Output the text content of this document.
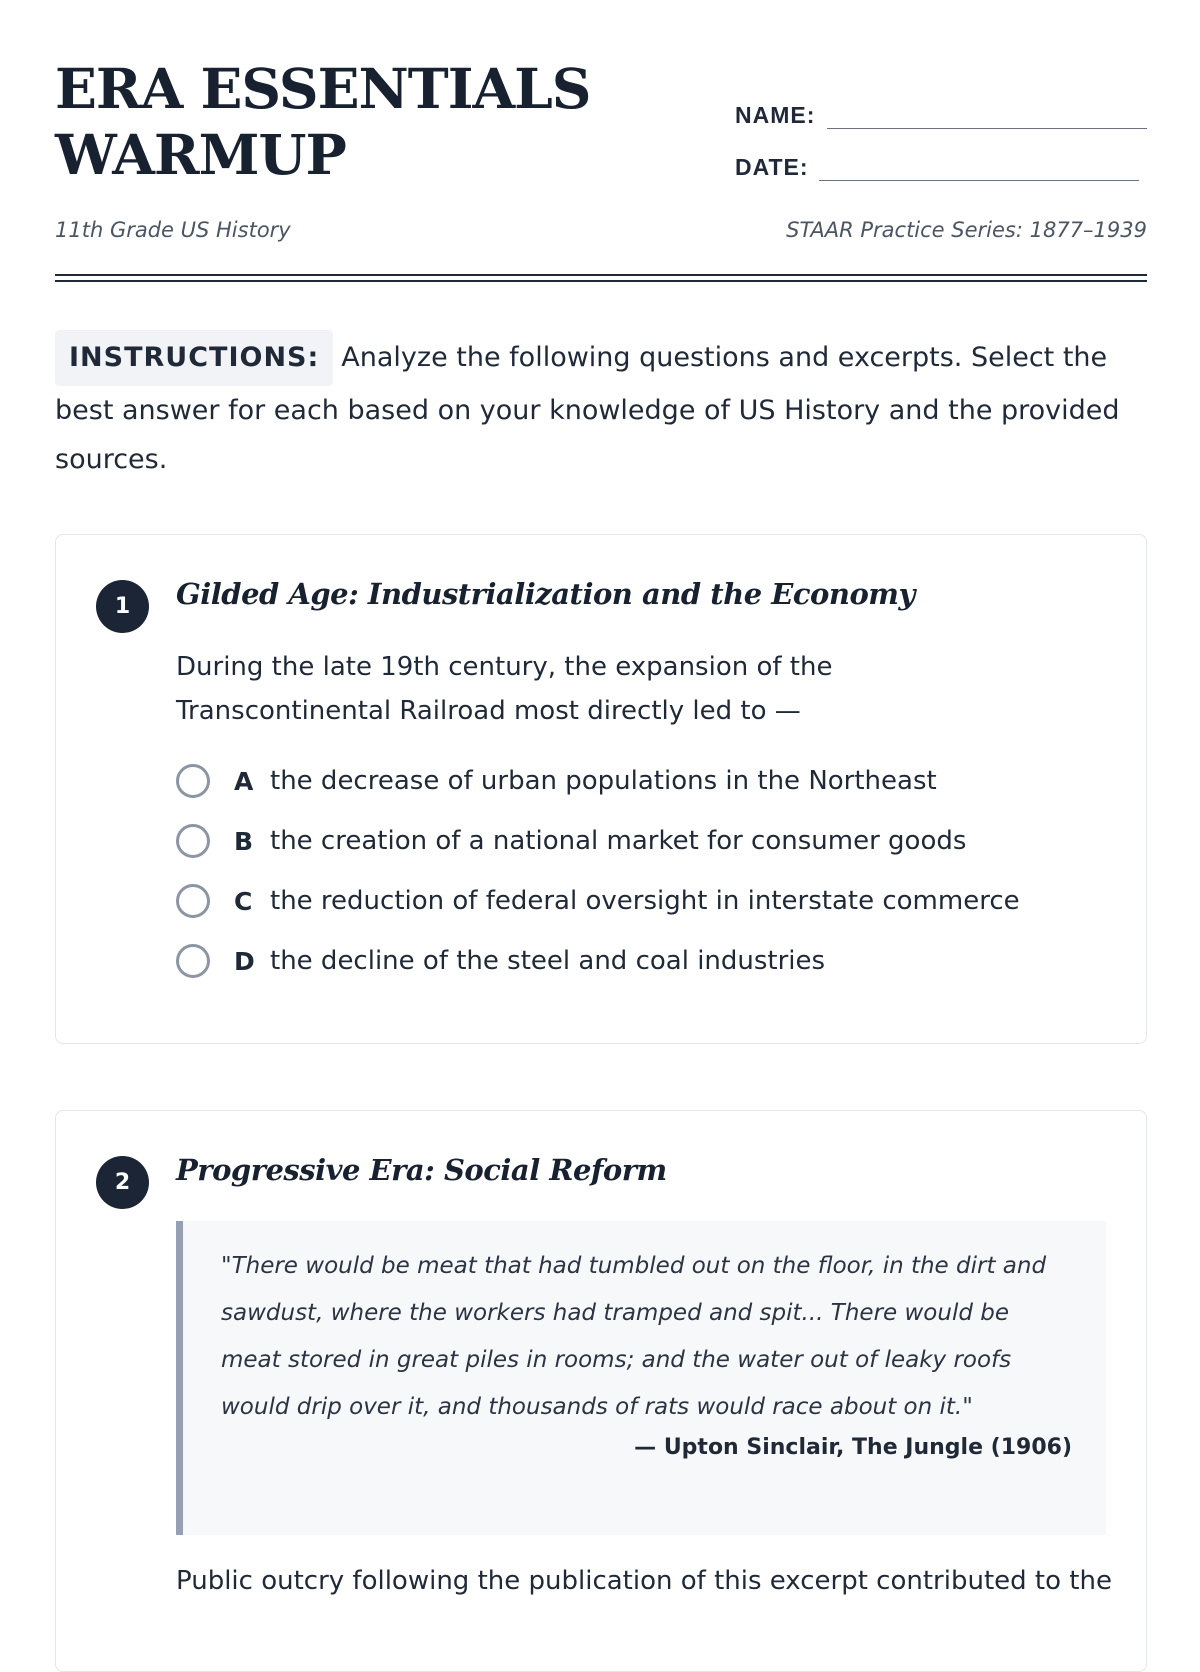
ERA ESSENTIALS
WARMUP
NAME:
DATE:
11th Grade US History	STAAR Practice Series: 1877–1939

INSTRUCTIONS: Analyze the following questions and excerpts. Select the best answer for each based on your knowledge of US History and the provided sources.

1	Gilded Age: Industrialization and the Economy

During the late 19th century, the expansion of the Transcontinental Railroad most directly led to —

A the decrease of urban populations in the Northeast
B the creation of a national market for consumer goods
C the reduction of federal oversight in interstate commerce
D the decline of the steel and coal industries
2	Progressive Era: Social Reform

"There would be meat that had tumbled out on the floor, in the dirt and sawdust, where the workers had tramped and spit... There would be meat stored in great piles in rooms; and the water out of leaky roofs would drip over it, and thousands of rats would race about on it."

— Upton Sinclair, The Jungle (1906)

Public outcry following the publication of this excerpt contributed to the
